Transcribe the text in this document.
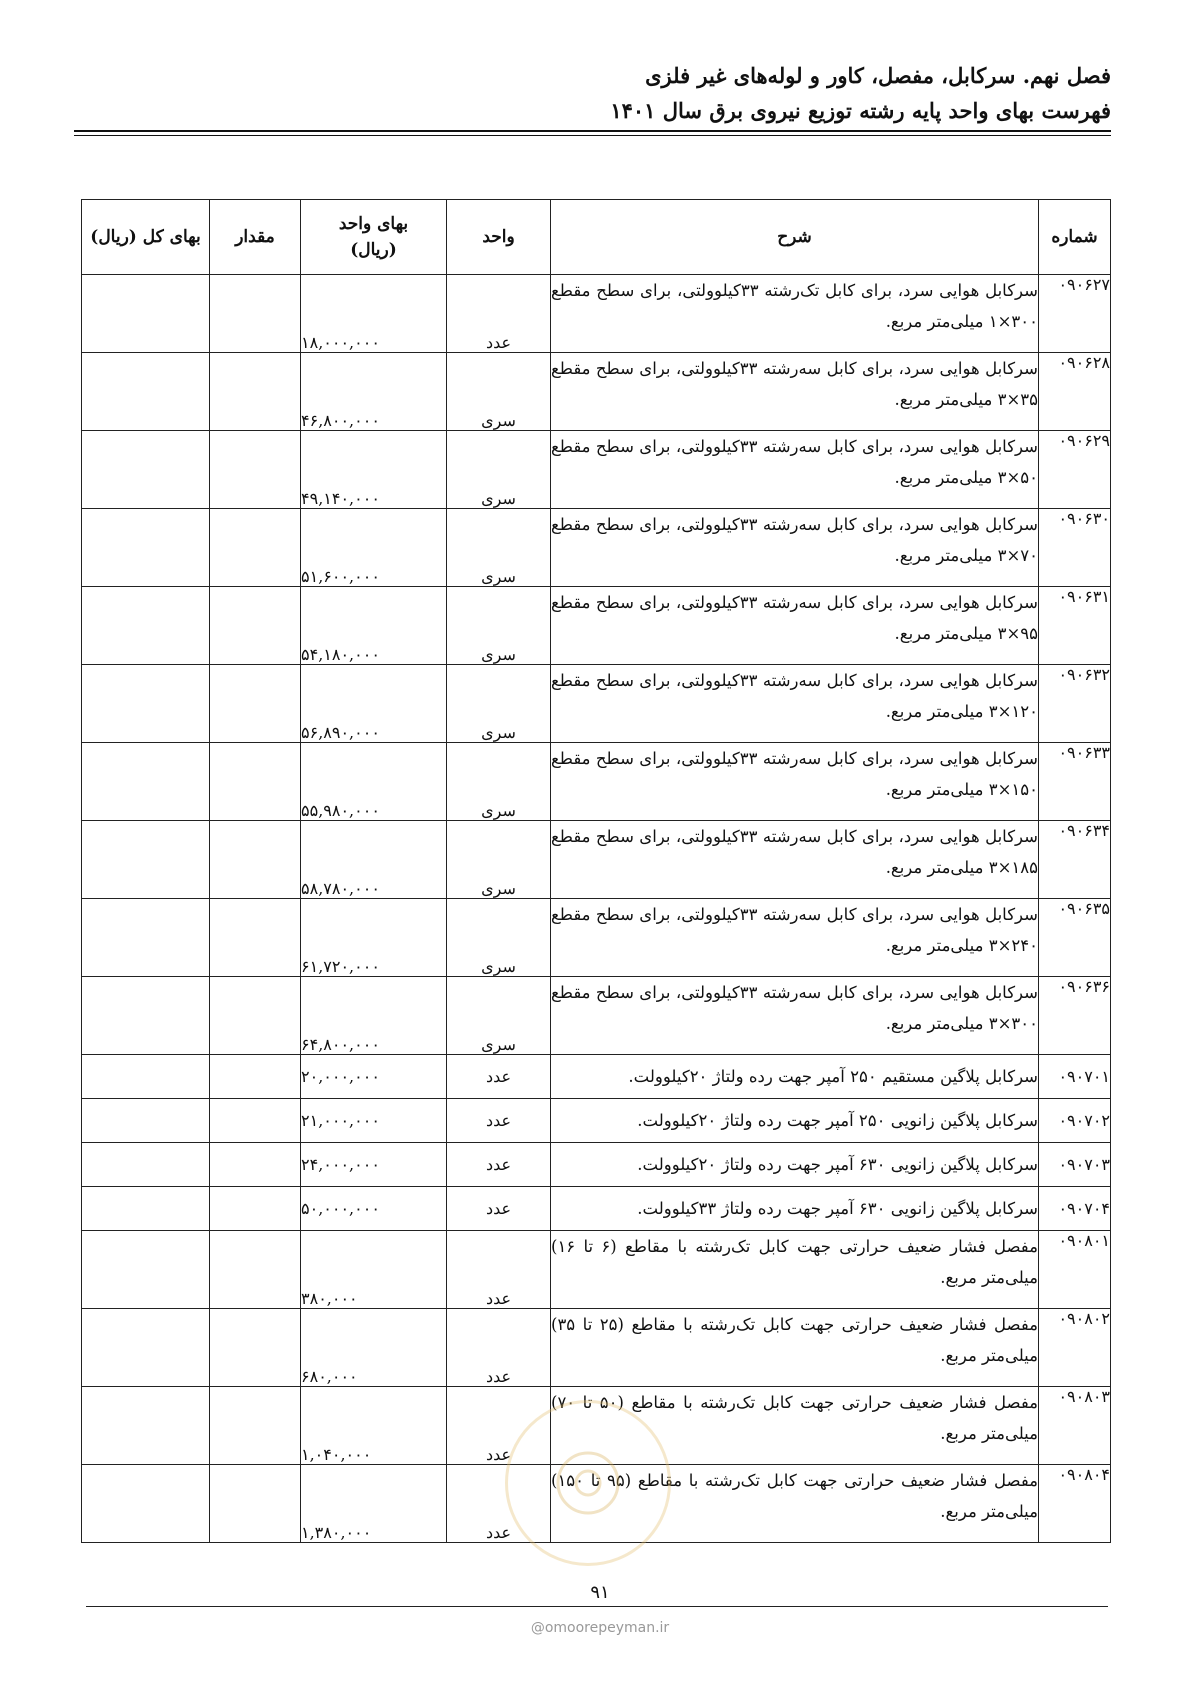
فصل نهم. سرکابل، مفصل، کاور و لوله‌های غیر فلزی
فهرست بهای واحد پایه رشته توزیع نیروی برق سال ۱۴۰۱
شماره	شرح	واحد	بهای واحد
(ریال)	مقدار	بهای کل (ریال)
۰۹۰۶۲۷	سرکابل هوایی سرد، برای کابل تک‌رشته ۳۳کیلوولتی، برای سطح مقطع ۳۰۰×۱ میلی‌متر مربع.	عدد	۱۸,۰۰۰,۰۰۰		
۰۹۰۶۲۸	سرکابل هوایی سرد، برای کابل سه‌رشته ۳۳کیلوولتی، برای سطح مقطع ۳۵×۳ میلی‌متر مربع.	سری	۴۶,۸۰۰,۰۰۰		
۰۹۰۶۲۹	سرکابل هوایی سرد، برای کابل سه‌رشته ۳۳کیلوولتی، برای سطح مقطع ۵۰×۳ میلی‌متر مربع.	سری	۴۹,۱۴۰,۰۰۰		
۰۹۰۶۳۰	سرکابل هوایی سرد، برای کابل سه‌رشته ۳۳کیلوولتی، برای سطح مقطع ۷۰×۳ میلی‌متر مربع.	سری	۵۱,۶۰۰,۰۰۰		
۰۹۰۶۳۱	سرکابل هوایی سرد، برای کابل سه‌رشته ۳۳کیلوولتی، برای سطح مقطع ۹۵×۳ میلی‌متر مربع.	سری	۵۴,۱۸۰,۰۰۰		
۰۹۰۶۳۲	سرکابل هوایی سرد، برای کابل سه‌رشته ۳۳کیلوولتی، برای سطح مقطع ۱۲۰×۳ میلی‌متر مربع.	سری	۵۶,۸۹۰,۰۰۰		
۰۹۰۶۳۳	سرکابل هوایی سرد، برای کابل سه‌رشته ۳۳کیلوولتی، برای سطح مقطع ۱۵۰×۳ میلی‌متر مربع.	سری	۵۵,۹۸۰,۰۰۰		
۰۹۰۶۳۴	سرکابل هوایی سرد، برای کابل سه‌رشته ۳۳کیلوولتی، برای سطح مقطع ۱۸۵×۳ میلی‌متر مربع.	سری	۵۸,۷۸۰,۰۰۰		
۰۹۰۶۳۵	سرکابل هوایی سرد، برای کابل سه‌رشته ۳۳کیلوولتی، برای سطح مقطع ۲۴۰×۳ میلی‌متر مربع.	سری	۶۱,۷۲۰,۰۰۰		
۰۹۰۶۳۶	سرکابل هوایی سرد، برای کابل سه‌رشته ۳۳کیلوولتی، برای سطح مقطع ۳۰۰×۳ میلی‌متر مربع.	سری	۶۴,۸۰۰,۰۰۰		
۰۹۰۷۰۱	سرکابل پلاگین مستقیم ۲۵۰ آمپر جهت رده ولتاژ ۲۰کیلوولت.	عدد	۲۰,۰۰۰,۰۰۰		
۰۹۰۷۰۲	سرکابل پلاگین زانویی ۲۵۰ آمپر جهت رده ولتاژ ۲۰کیلوولت.	عدد	۲۱,۰۰۰,۰۰۰		
۰۹۰۷۰۳	سرکابل پلاگین زانویی ۶۳۰ آمپر جهت رده ولتاژ ۲۰کیلوولت.	عدد	۲۴,۰۰۰,۰۰۰		
۰۹۰۷۰۴	سرکابل پلاگین زانویی ۶۳۰ آمپر جهت رده ولتاژ ۳۳کیلوولت.	عدد	۵۰,۰۰۰,۰۰۰		
۰۹۰۸۰۱	مفصل فشار ضعیف حرارتی جهت کابل تک‌رشته با مقاطع (۶ تا ۱۶) میلی‌متر مربع.	عدد	۳۸۰,۰۰۰		
۰۹۰۸۰۲	مفصل فشار ضعیف حرارتی جهت کابل تک‌رشته با مقاطع (۲۵ تا ۳۵) میلی‌متر مربع.	عدد	۶۸۰,۰۰۰		
۰۹۰۸۰۳	مفصل فشار ضعیف حرارتی جهت کابل تک‌رشته با مقاطع (۵۰ تا ۷۰) میلی‌متر مربع.	عدد	۱,۰۴۰,۰۰۰		
۰۹۰۸۰۴	مفصل فشار ضعیف حرارتی جهت کابل تک‌رشته با مقاطع (۹۵ تا ۱۵۰) میلی‌متر مربع.	عدد	۱,۳۸۰,۰۰۰		
۹۱
@omoorepeyman.ir
